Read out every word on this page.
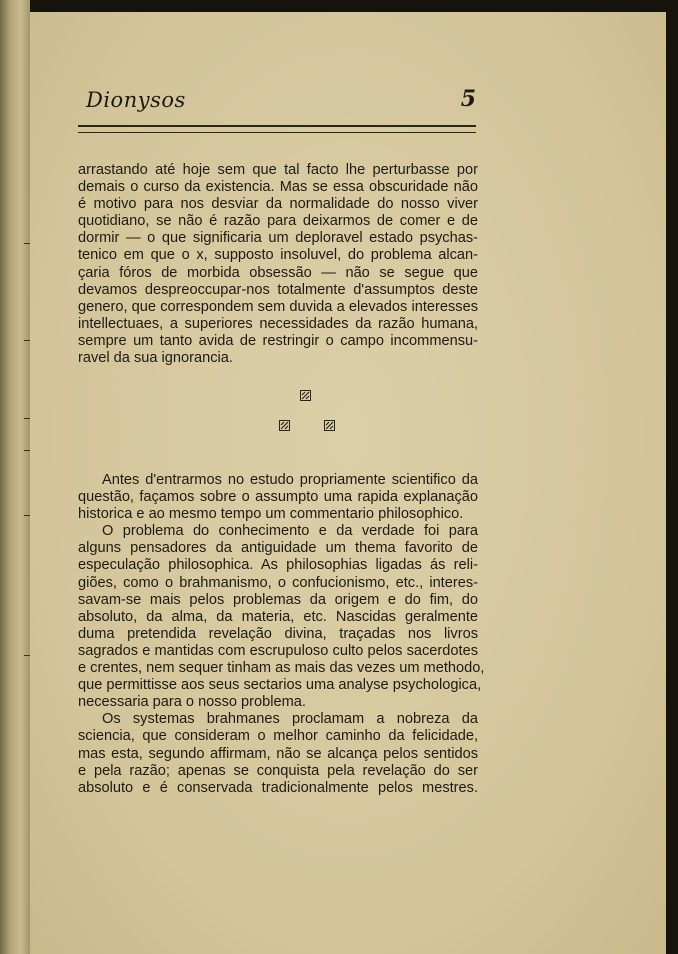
Dionysos	5
arrastando até hoje sem que tal facto lhe perturbasse por
demais o curso da existencia. Mas se essa obscuridade não
é motivo para nos desviar da normalidade do nosso viver
quotidiano, se não é razão para deixarmos de comer e de
dormir — o que significaria um deploravel estado psychas-
tenico em que o x, supposto insoluvel, do problema alcan-
çaria fóros de morbida obsessão — não se segue que
devamos despreoccupar-nos totalmente d'assumptos deste
genero, que correspondem sem duvida a elevados interesses
intellectuaes, a superiores necessidades da razão humana,
sempre um tanto avida de restringir o campo incommensu-
ravel da sua ignorancia.
Antes d'entrarmos no estudo propriamente scientifico da
questão, façamos sobre o assumpto uma rapida explanação
historica e ao mesmo tempo um commentario philosophico.
O problema do conhecimento e da verdade foi para
alguns pensadores da antiguidade um thema favorito de
especulação philosophica. As philosophias ligadas ás reli-
giões, como o brahmanismo, o confucionismo, etc., interes-
savam-se mais pelos problemas da origem e do fim, do
absoluto, da alma, da materia, etc. Nascidas geralmente
duma pretendida revelação divina, traçadas nos livros
sagrados e mantidas com escrupuloso culto pelos sacerdotes
e crentes, nem sequer tinham as mais das vezes um methodo,
que permittisse aos seus sectarios uma analyse psychologica,
necessaria para o nosso problema.
Os systemas brahmanes proclamam a nobreza da
sciencia, que consideram o melhor caminho da felicidade,
mas esta, segundo affirmam, não se alcança pelos sentidos
e pela razão; apenas se conquista pela revelação do ser
absoluto e é conservada tradicionalmente pelos mestres.
